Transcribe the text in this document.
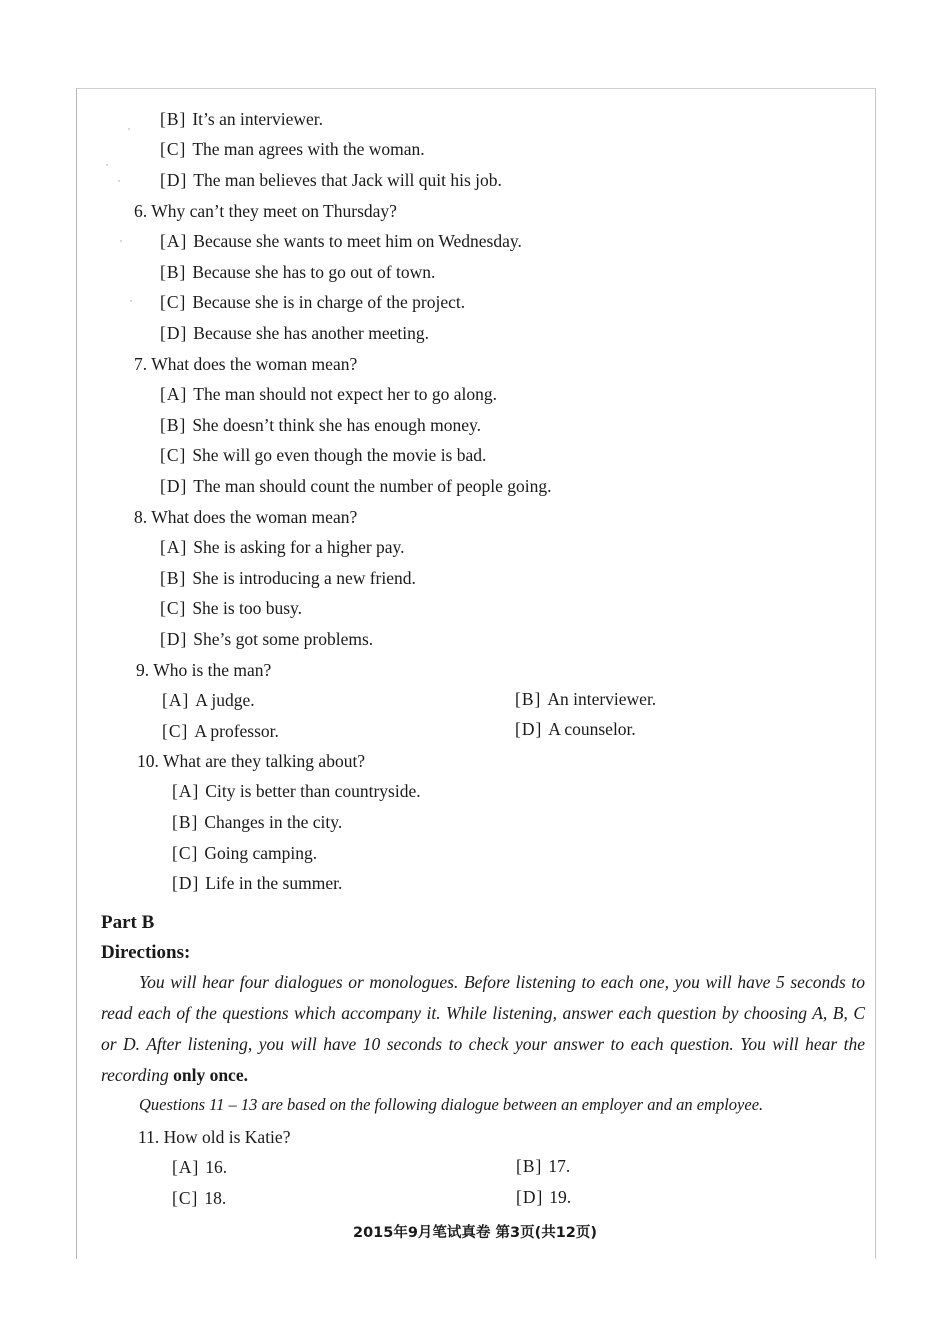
[B] It’s an interviewer.
[C] The man agrees with the woman.
[D] The man believes that Jack will quit his job.
6. Why can’t they meet on Thursday?
[A] Because she wants to meet him on Wednesday.
[B] Because she has to go out of town.
[C] Because she is in charge of the project.
[D] Because she has another meeting.
7. What does the woman mean?
[A] The man should not expect her to go along.
[B] She doesn’t think she has enough money.
[C] She will go even though the movie is bad.
[D] The man should count the number of people going.
8. What does the woman mean?
[A] She is asking for a higher pay.
[B] She is introducing a new friend.
[C] She is too busy.
[D] She’s got some problems.
9. Who is the man?
[A] A judge.	[B] An interviewer.
[C] A professor.	[D] A counselor.
10. What are they talking about?
[A] City is better than countryside.
[B] Changes in the city.
[C] Going camping.
[D] Life in the summer.
Part B
Directions:
You will hear four dialogues or monologues. Before listening to each one, you will have 5 seconds to read each of the questions which accompany it. While listening, answer each question by choosing A, B, C or D. After listening, you will have 10 seconds to check your answer to each question. You will hear the recording only once.
Questions 11 – 13 are based on the following dialogue between an employer and an employee.
11. How old is Katie?
[A] 16.	[B] 17.
[C] 18.	[D] 19.
2015年9月笔试真卷 第3页(共12页)
